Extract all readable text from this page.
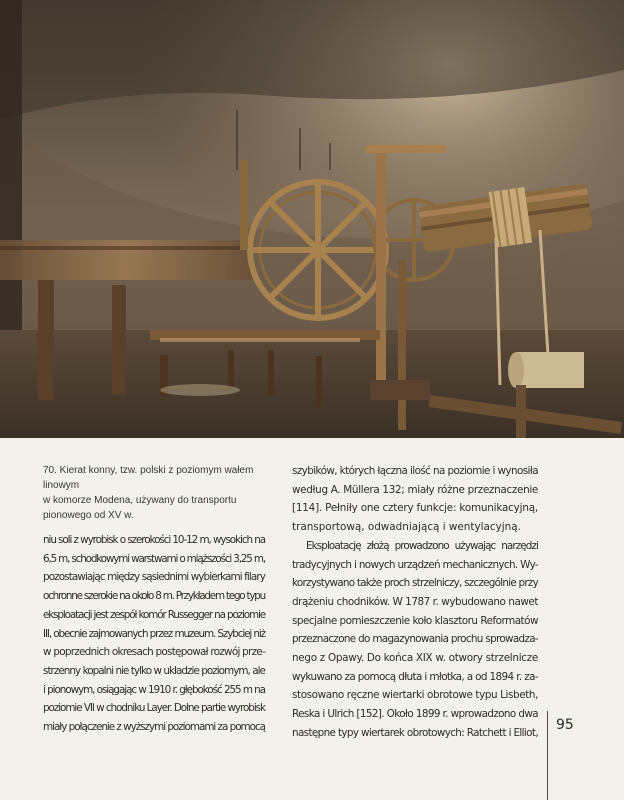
70. Kierat konny, tzw. polski z poziomym wałem linowym

w komorze Modena, używany do transportu pionowego od XV w.

niu soli z wyrobisk o szerokości 10-12 m, wysokich na
6,5 m, schodkowymi warstwami o miąższości 3,25 m,
pozostawiając między sąsiednimi wybierkami filary
ochronne szerokie na około 8 m. Przykładem tego typu
eksploatacji jest zespół komór Russegger na poziomie
III, obecnie zajmowanych przez muzeum. Szybciej niż
w poprzednich okresach postępował rozwój prze-
strzenny kopalni nie tylko w układzie poziomym, ale
i pionowym, osiągając w 1910 r. głębokość 255 m na
poziomie VII w chodniku Layer. Dolne partie wyrobisk
miały połączenie z wyższymi poziomami za pomocą
szybików, których łączna ilość na poziomie i wynosiła
według A. Müllera 132; miały różne przeznaczenie
[114]. Pełniły one cztery funkcje: komunikacyjną,
transportową, odwadniającą i wentylacyjną.
Eksploatację złożą prowadzono używając narzędzi
tradycyjnych i nowych urządzeń mechanicznych. Wy-
korzystywano także proch strzelniczy, szczególnie przy
drążeniu chodników. W 1787 r. wybudowano nawet
specjalne pomieszczenie koło klasztoru Reformatów
przeznaczone do magazynowania prochu sprowadza-
nego z Opawy. Do końca XIX w. otwory strzelnicze
wykuwano za pomocą dłuta i młotka, a od 1894 r. za-
stosowano ręczne wiertarki obrotowe typu Lisbeth,
Reska i Ulrich [152]. Około 1899 r. wprowadzono dwa
następne typy wiertarek obrotowych: Ratchett i Elliot, 95
